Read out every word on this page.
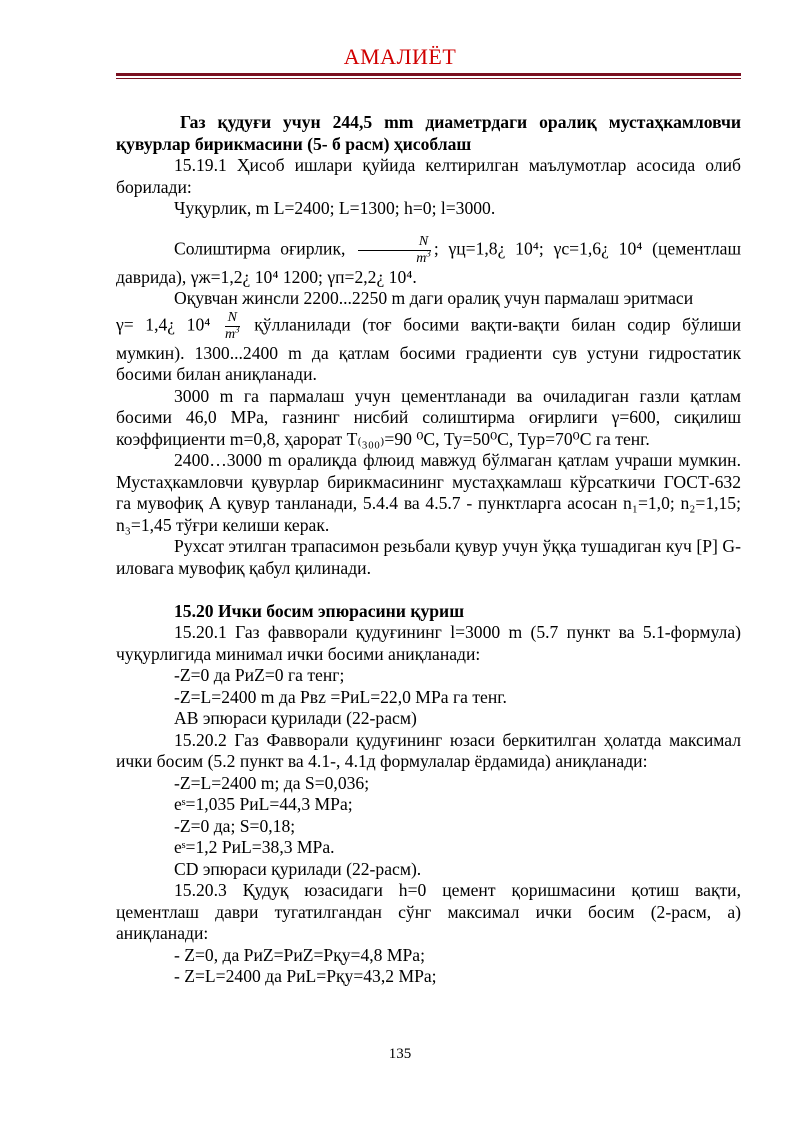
АМАЛИЁТ

Газ қудуғи учун 244,5 mm диаметрдаги оралиқ мустаҳкамловчи қувурлар бирикмасини (5- б расм) ҳисоблаш

15.19.1 Ҳисоб ишлари қуйида келтирилган маълумотлар асосида олиб борилади:

Чуқурлик, m L=2400; L=1300; h=0; l=3000.

Солиштирма оғирлик, $\frac{N}{m^3}$ ; γц=1,8¿ 10⁴; γс=1,6¿ 10⁴ (цементлаш даврида), γж=1,2¿ 10⁴ 1200; γп=2,2¿ 10⁴.

Оқувчан жинсли 2200...2250 m даги оралиқ учун пармалаш эритмаси

γ= 1,4¿ $10^4 \frac{N}{m^3}$ қўлланилади (тоғ босими вақти-вақти билан содир бўлиши мумкин). 1300...2400 m да қатлам босими градиенти сув устуни гидростатик босими билан аниқланади.

3000 m га пармалаш учун цементланади ва очиладиган газли қатлам босими 46,0 MPa, газнинг нисбий солиштирма оғирлиги γ=600, сиқилиш коэффициенти m=0,8, ҳарорат Т₍₃₀₀₎=90 ⁰С, Ту=50⁰С, Тур=70⁰С га тенг.

2400…3000 m оралиқда флюид мавжуд бўлмаган қатлам учраши мумкин. Мустаҳкамловчи қувурлар бирикмасининг мустаҳкамлаш кўрсаткичи ГОСТ-632 га мувофиқ А қувур танланади, 5.4.4 ва 4.5.7 - пунктларга асосан n₁=1,0; n₂=1,15; n₃=1,45 тўғри келиши керак.

Рухсат этилган трапасимон резьбали қувур учун ўққа тушадиган куч [P] G-иловага мувофиқ қабул қилинади.

15.20 Ички босим эпюрасини қуриш

15.20.1 Газ фаввoрали қудуғининг l=3000 m (5.7 пункт ва 5.1-формула) чуқурлигида минимал ички босими аниқланади:

-Z=0 да РиZ=0 га тенг;

-Z=L=2400 m да Рвz =РиL=22,0 MPa га тенг.

АВ эпюраси қурилади (22-расм)

15.20.2 Газ Фаввoрали қудуғининг юзаси беркитилган ҳолатда максимал ички босим (5.2 пункт ва 4.1-, 4.1д формулалар ёрдамида) аниқланади:

-Z=L=2400 m; да S=0,036;

eˢ=1,035 РиL=44,3 MPa;

-Z=0 да; S=0,18;

eˢ=1,2 РиL=38,3 MPa.

CD эпюраси қурилади (22-расм).

15.20.3 Қудуқ юзасидаги h=0 цемент қоришмасини қотиш вақти, цементлаш даври тугатилгандан сўнг максимал ички босим (2-расм, а) аниқланади:

- Z=0, да РиZ=РиZ=Рқу=4,8 MPa;

- Z=L=2400 да РиL=Рқу=43,2 MPa;

135
